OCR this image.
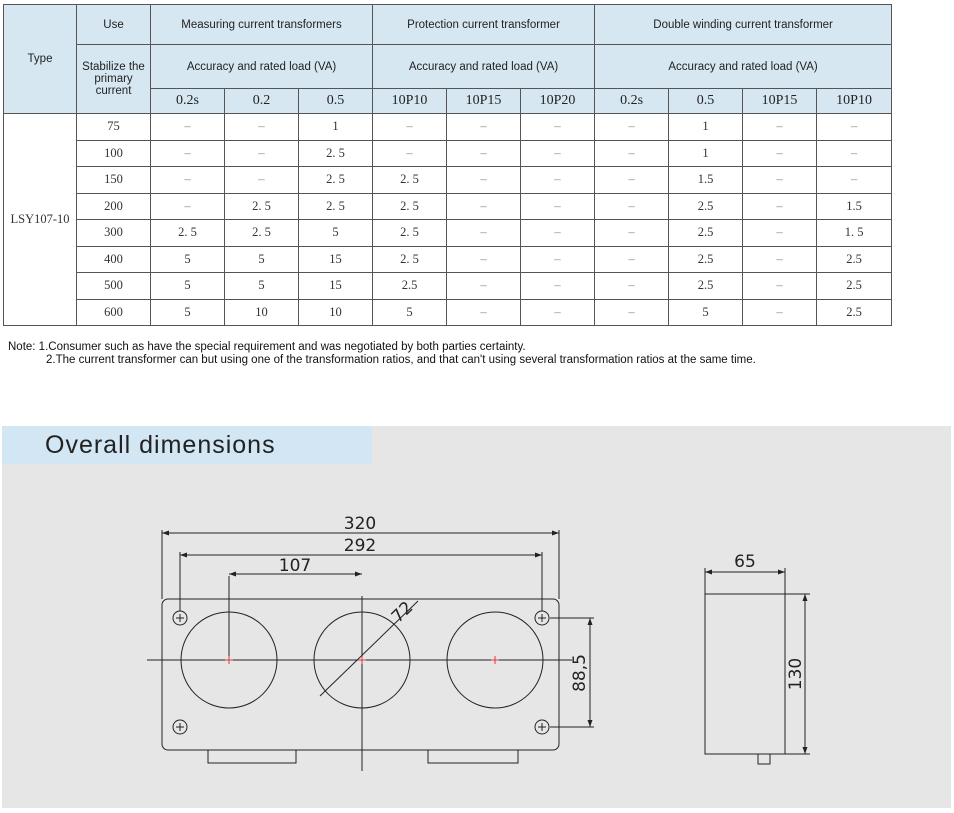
Type	Use	Measuring current transformers			Protection current transformer			Double winding current transformer			
	Stabilize the primary current	Accuracy and rated load (VA)			Accuracy and rated load (VA)			Accuracy and rated load (VA)			
		0.2s	0.2	0.5	10P10	10P15	10P20	0.2s	0.5	10P15	10P10
LSY107-10	75	–	–	1	–	–	–	–	1	–	–
	100	–	–	2. 5	–	–	–	–	1	–	–
	150	–	–	2. 5	2. 5	–	–	–	1.5	–	–
	200	–	2. 5	2. 5	2. 5	–	–	–	2.5	–	1.5
	300	2. 5	2. 5	5	2. 5	–	–	–	2.5	–	1. 5
	400	5	5	15	2. 5	–	–	–	2.5	–	2.5
	500	5	5	15	2.5	–	–	–	2.5	–	2.5
	600	5	10	10	5	–	–	–	5	–	2.5
Note: 1.Consumer such as have the special requirement and was negotiated by both parties certainty.
2.The current transformer can but using one of the transformation ratios, and that can't using several transformation ratios at the same time.
Overall dimensions
320
292
107
72
88,5
65
130
